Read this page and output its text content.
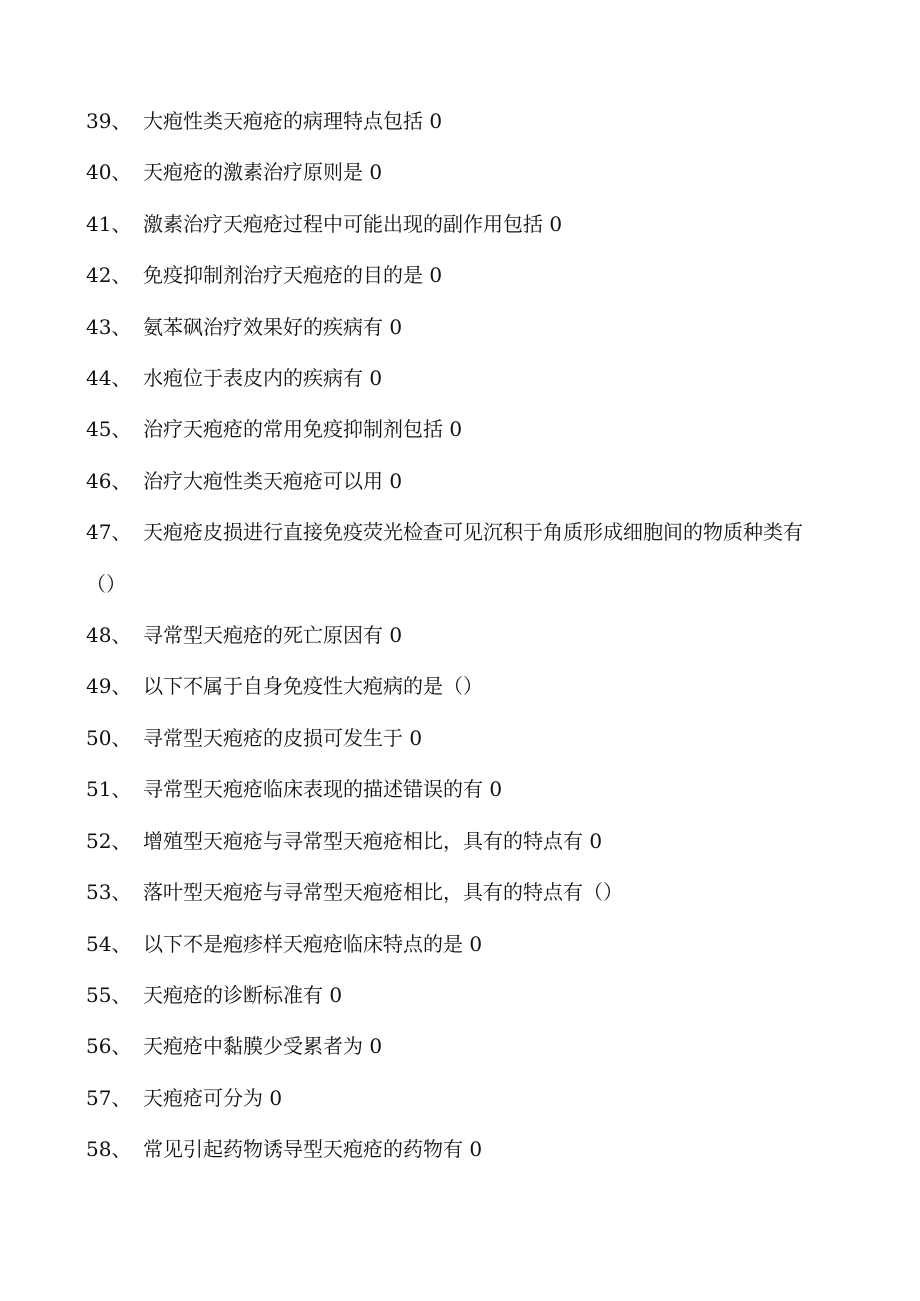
39、 大疱性类天疱疮的病理特点包括 0
40、 天疱疮的激素治疗原则是 0
41、 激素治疗天疱疮过程中可能出现的副作用包括 0
42、 免疫抑制剂治疗天疱疮的目的是 0
43、 氨苯砜治疗效果好的疾病有 0
44、 水疱位于表皮内的疾病有 0
45、 治疗天疱疮的常用免疫抑制剂包括 0
46、 治疗大疱性类天疱疮可以用 0
47、 天疱疮皮损进行直接免疫荧光检查可见沉积于角质形成细胞间的物质种类有（）
48、 寻常型天疱疮的死亡原因有 0
49、 以下不属于自身免疫性大疱病的是（）
50、 寻常型天疱疮的皮损可发生于 0
51、 寻常型天疱疮临床表现的描述错误的有 0
52、 增殖型天疱疮与寻常型天疱疮相比，具有的特点有 0
53、 落叶型天疱疮与寻常型天疱疮相比，具有的特点有（）
54、 以下不是疱疹样天疱疮临床特点的是 0
55、 天疱疮的诊断标准有 0
56、 天疱疮中黏膜少受累者为 0
57、 天疱疮可分为 0
58、 常见引起药物诱导型天疱疮的药物有 0
